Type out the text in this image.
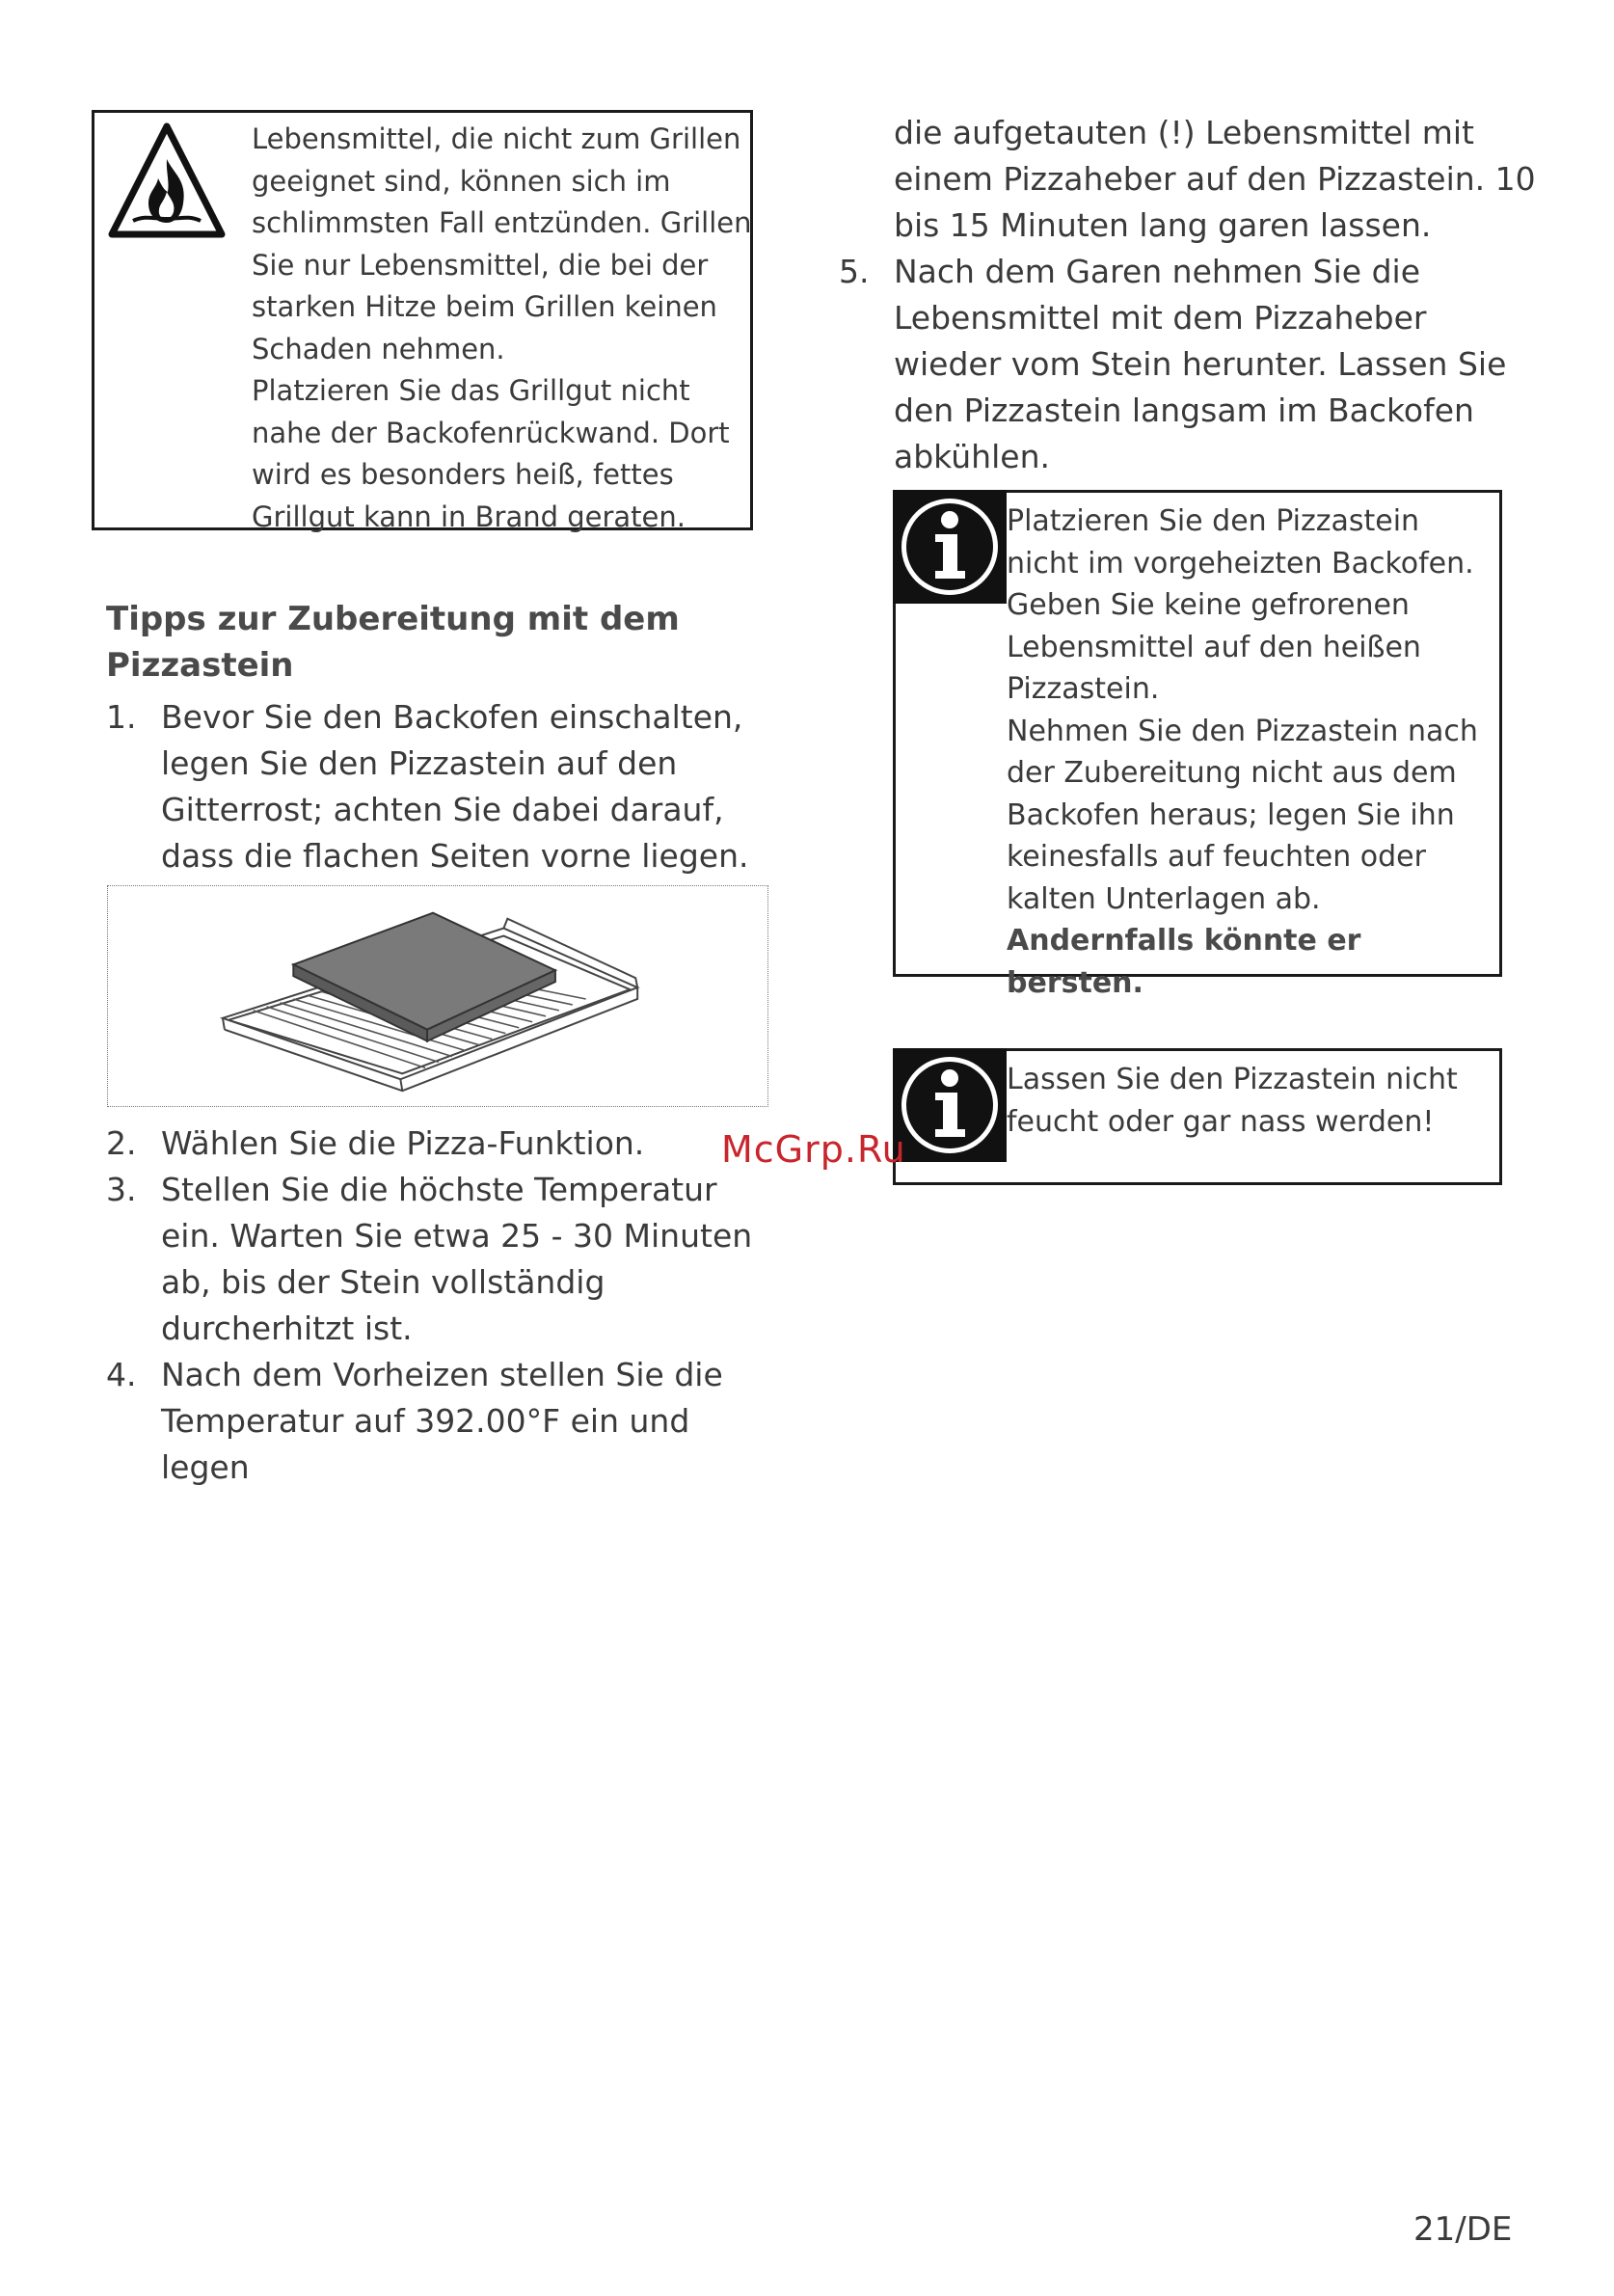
Lebensmittel, die nicht zum Grillen geeignet sind, können sich im schlimmsten Fall entzünden. Grillen Sie nur Lebensmittel, die bei der starken Hitze beim Grillen keinen Schaden nehmen.

Platzieren Sie das Grillgut nicht nahe der Backofenrückwand. Dort wird es besonders heiß, fettes Grillgut kann in Brand geraten.

Tipps zur Zubereitung mit dem Pizzastein
1. Bevor Sie den Backofen einschalten, legen Sie den Pizzastein auf den Gitterrost; achten Sie dabei darauf, dass die flachen Seiten vorne liegen.
2. Wählen Sie die Pizza-Funktion.
3. Stellen Sie die höchste Temperatur ein. Warten Sie etwa 25 - 30 Minuten ab, bis der Stein vollständig durcherhitzt ist.
4. Nach dem Vorheizen stellen Sie die Temperatur auf 392.00°F ein und legen
die aufgetauten (!) Lebensmittel mit einem Pizzaheber auf den Pizzastein. 10 bis 15 Minuten lang garen lassen.
5. Nach dem Garen nehmen Sie die Lebensmittel mit dem Pizzaheber wieder vom Stein herunter. Lassen Sie den Pizzastein langsam im Backofen abkühlen.

Platzieren Sie den Pizzastein nicht im vorgeheizten Backofen.

Geben Sie keine gefrorenen Lebensmittel auf den heißen Pizzastein.

Nehmen Sie den Pizzastein nach der Zubereitung nicht aus dem Backofen heraus; legen Sie ihn keinesfalls auf feuchten oder kalten Unterlagen ab. Andernfalls könnte er bersten.

Lassen Sie den Pizzastein nicht feucht oder gar nass werden!
McGrp.Ru
21/DE
